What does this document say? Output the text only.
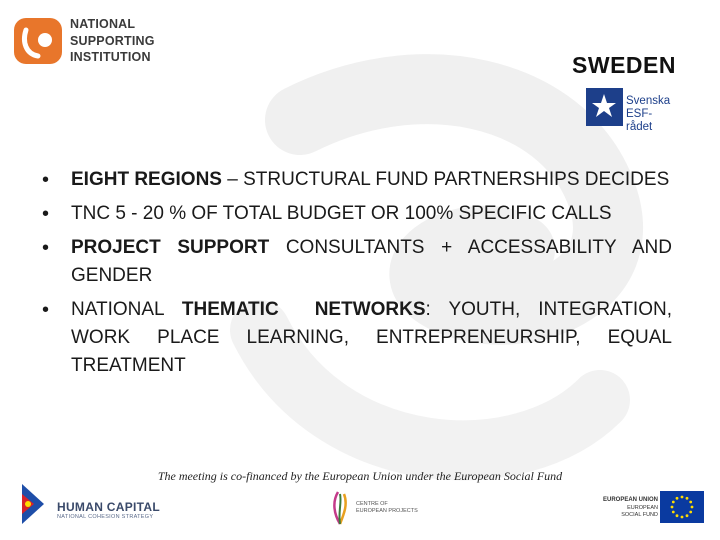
NATIONAL
SUPPORTING
INSTITUTION	SWEDEN
Svenska
ESF-rådet
• EIGHT REGIONS – STRUCTURAL FUND PARTNERSHIPS DECIDES
• TNC 5 - 20 % OF TOTAL BUDGET OR 100% SPECIFIC CALLS
• PROJECT SUPPORT CONSULTANTS + ACCESSABILITY AND GENDER
• NATIONAL THEMATIC  NETWORKS: YOUTH, INTEGRATION, WORK PLACE LEARNING, ENTREPRENEURSHIP, EQUAL TREATMENT
The meeting is co-financed by the European Union under the European Social Fund
HUMAN CAPITAL
NATIONAL COHESION STRATEGY
CENTRE OF
EUROPEAN PROJECTS
EUROPEAN UNION
EUROPEAN
SOCIAL FUND
